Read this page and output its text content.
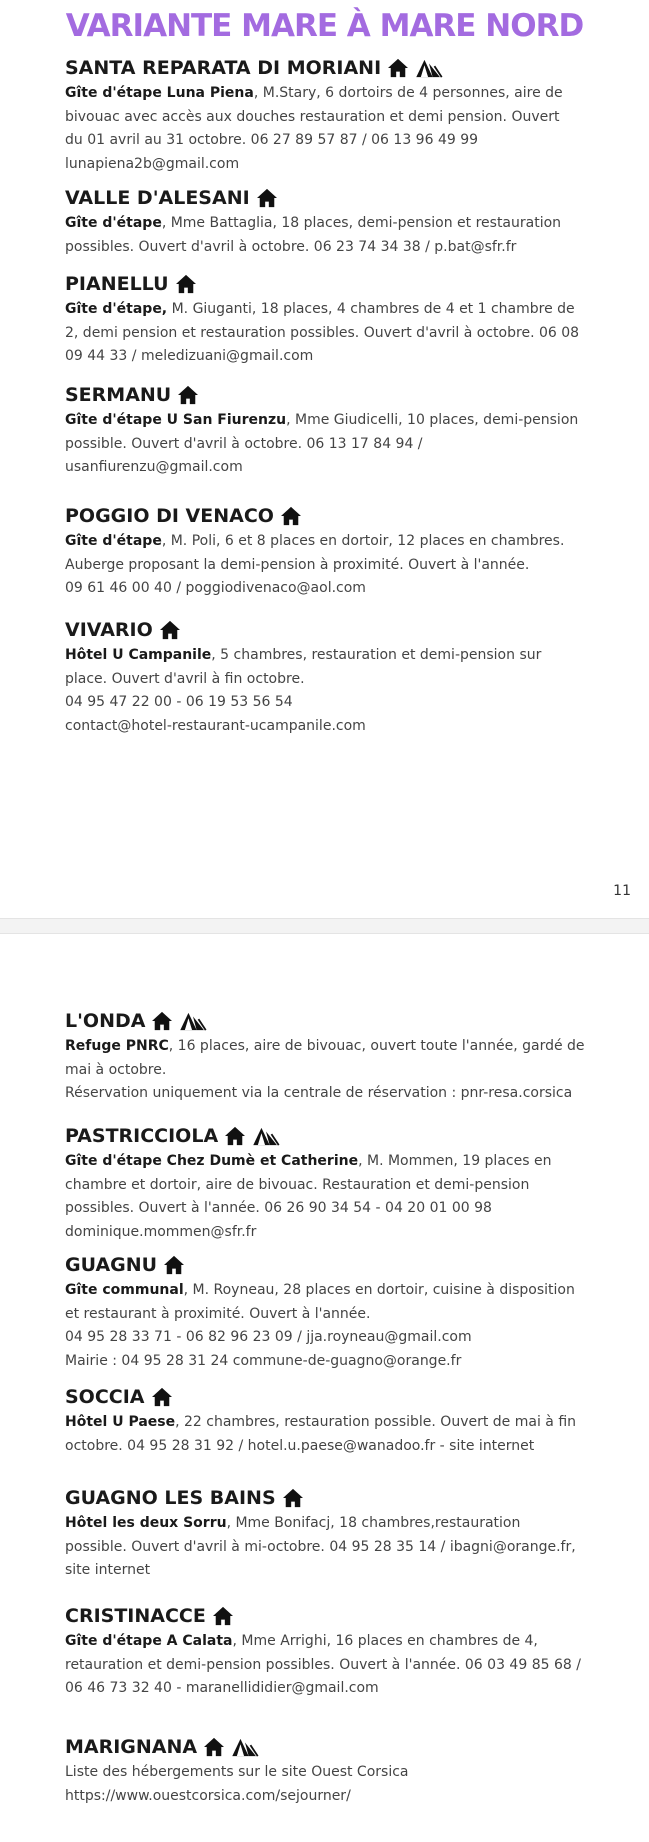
VARIANTE MARE À MARE NORD
11
SANTA REPARATA DI MORIANI
Gîte d'étape Luna Piena, M.Stary, 6 dortoirs de 4 personnes, aire de
bivouac avec accès aux douches restauration et demi pension. Ouvert
du 01 avril au 31 octobre. 06 27 89 57 87 / 06 13 96 49 99
lunapiena2b@gmail.com
VALLE D'ALESANI
Gîte d'étape, Mme Battaglia, 18 places, demi-pension et restauration
possibles. Ouvert d'avril à octobre. 06 23 74 34 38 / p.bat@sfr.fr
PIANELLU
Gîte d'étape, M. Giuganti, 18 places, 4 chambres de 4 et 1 chambre de
2, demi pension et restauration possibles. Ouvert d'avril à octobre. 06 08
09 44 33 / meledizuani@gmail.com
SERMANU
Gîte d'étape U San Fiurenzu, Mme Giudicelli, 10 places, demi-pension
possible. Ouvert d'avril à octobre. 06 13 17 84 94 /
usanfiurenzu@gmail.com
POGGIO DI VENACO
Gîte d'étape, M. Poli, 6 et 8 places en dortoir, 12 places en chambres.
Auberge proposant la demi-pension à proximité. Ouvert à l'année.
09 61 46 00 40 / poggiodivenaco@aol.com
VIVARIO
Hôtel U Campanile, 5 chambres, restauration et demi-pension sur
place. Ouvert d'avril à fin octobre.
04 95 47 22 00 - 06 19 53 56 54
contact@hotel-restaurant-ucampanile.com
L'ONDA
Refuge PNRC, 16 places, aire de bivouac, ouvert toute l'année, gardé de
mai à octobre.
Réservation uniquement via la centrale de réservation : pnr-resa.corsica
PASTRICCIOLA
Gîte d'étape Chez Dumè et Catherine, M. Mommen, 19 places en
chambre et dortoir, aire de bivouac. Restauration et demi-pension
possibles. Ouvert à l'année. 06 26 90 34 54 - 04 20 01 00 98
dominique.mommen@sfr.fr
GUAGNU
Gîte communal, M. Royneau, 28 places en dortoir, cuisine à disposition
et restaurant à proximité. Ouvert à l'année.
04 95 28 33 71 - 06 82 96 23 09 / jja.royneau@gmail.com
Mairie : 04 95 28 31 24 commune-de-guagno@orange.fr
SOCCIA
Hôtel U Paese, 22 chambres, restauration possible. Ouvert de mai à fin
octobre. 04 95 28 31 92 / hotel.u.paese@wanadoo.fr - site internet
GUAGNO LES BAINS
Hôtel les deux Sorru, Mme Bonifacj, 18 chambres,restauration
possible. Ouvert d'avril à mi-octobre. 04 95 28 35 14 / ibagni@orange.fr,
site internet
CRISTINACCE
Gîte d'étape A Calata, Mme Arrighi, 16 places en chambres de 4,
retauration et demi-pension possibles. Ouvert à l'année. 06 03 49 85 68 /
06 46 73 32 40 - maranellididier@gmail.com
MARIGNANA
Liste des hébergements sur le site Ouest Corsica
https://www.ouestcorsica.com/sejourner/
